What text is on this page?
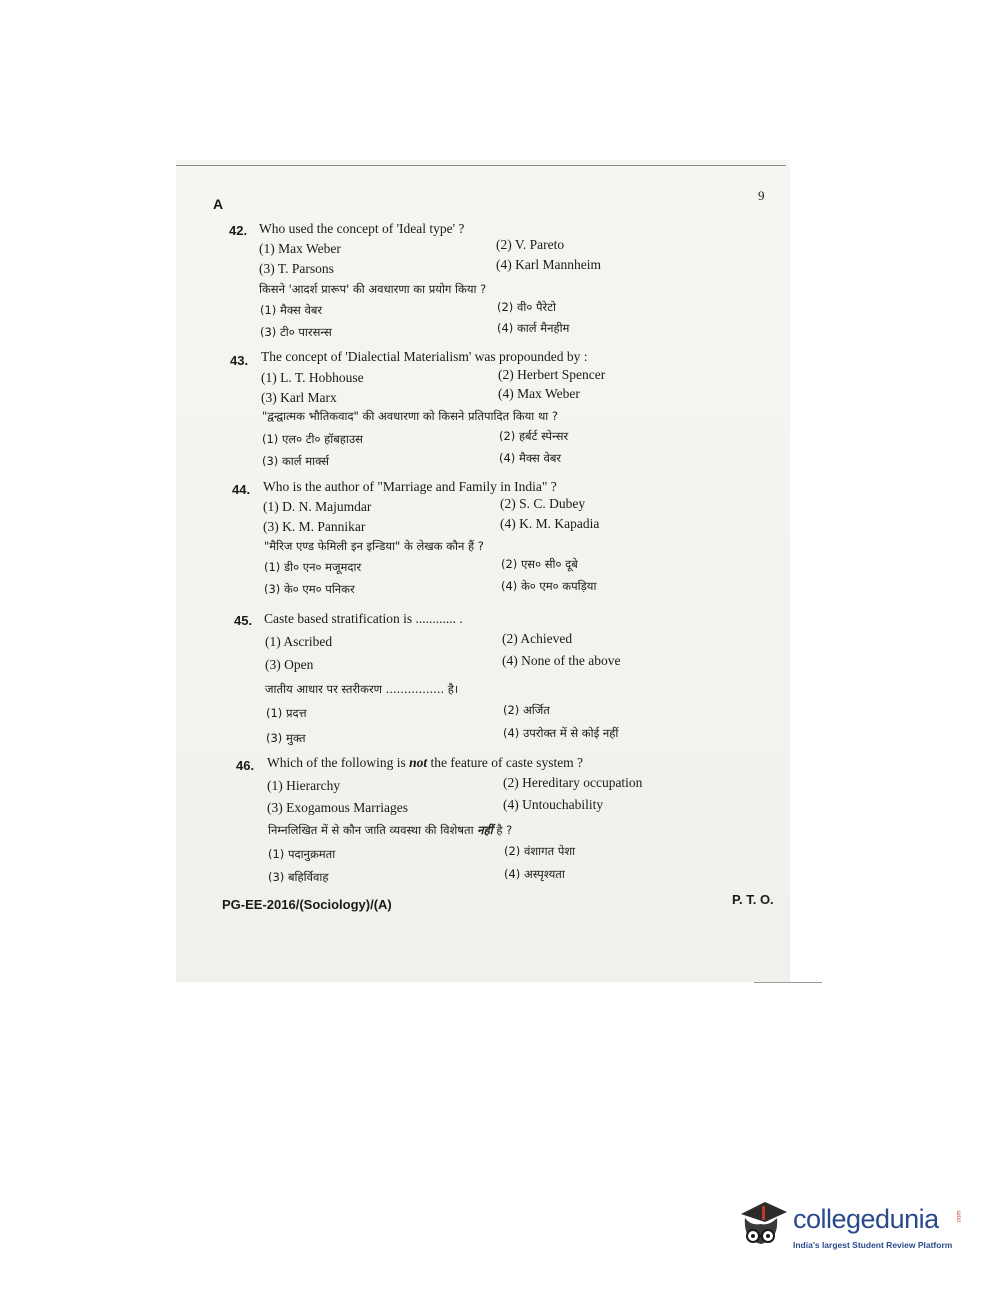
A
9
42. Who used the concept of 'Ideal type' ?
(1) Max Weber	(2) V. Pareto
(3) T. Parsons	(4) Karl Mannheim
किसने 'आदर्श प्रारूप' की अवधारणा का प्रयोग किया ?
(1) मैक्स वेबर	(2) वी० पैरेटो
(3) टी० पारसन्स	(4) कार्ल मैनहीम
43. The concept of 'Dialectial Materialism' was propounded by :
(1) L. T. Hobhouse	(2) Herbert Spencer
(3) Karl Marx	(4) Max Weber
"द्वन्द्वात्मक भौतिकवाद" की अवधारणा को किसने प्रतिपादित किया था ?
(1) एल० टी० हॉबहाउस	(2) हर्बर्ट स्पेन्सर
(3) कार्ल मार्क्स	(4) मैक्स वेबर
44. Who is the author of "Marriage and Family in India" ?
(1) D. N. Majumdar	(2) S. C. Dubey
(3) K. M. Pannikar	(4) K. M. Kapadia
"मैरिज एण्ड फेमिली इन इन्डिया" के लेखक कौन हैं ?
(1) डी० एन० मजूमदार	(2) एस० सी० दूबे
(3) के० एम० पनिकर	(4) के० एम० कपड़िया
45. Caste based stratification is ............ .
(1) Ascribed	(2) Achieved
(3) Open	(4) None of the above
जातीय आधार पर स्तरीकरण ................ है।
(1) प्रदत्त	(2) अर्जित
(3) मुक्त	(4) उपरोक्त में से कोई नहीं
46. Which of the following is not the feature of caste system ?
(1) Hierarchy	(2) Hereditary occupation
(3) Exogamous Marriages	(4) Untouchability
निम्नलिखित में से कौन जाति व्यवस्था की विशेषता नहीं है ?
(1) पदानुक्रमता	(2) वंशागत पेशा
(3) बहिर्विवाह	(4) अस्पृश्यता
PG-EE-2016/(Sociology)/(A)	P. T. O.
collegedunia	.com
India's largest Student Review Platform
